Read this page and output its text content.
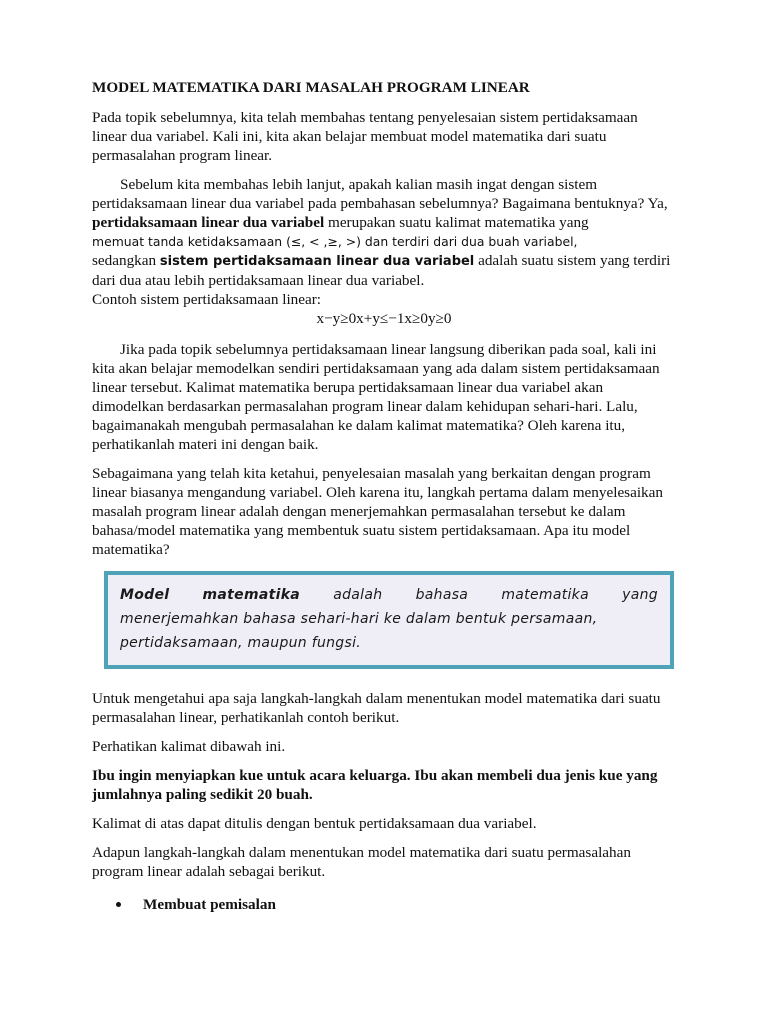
MODEL MATEMATIKA DARI MASALAH PROGRAM LINEAR

Pada topik sebelumnya, kita telah membahas tentang penyelesaian sistem pertidaksamaan linear dua variabel. Kali ini, kita akan belajar membuat model matematika dari suatu permasalahan program linear.

Sebelum kita membahas lebih lanjut, apakah kalian masih ingat dengan sistem pertidaksamaan linear dua variabel pada pembahasan sebelumnya? Bagaimana bentuknya? Ya, pertidaksamaan linear dua variabel merupakan suatu kalimat matematika yang
memuat tanda ketidaksamaan (≤, < ,≥, >) dan terdiri dari dua buah variabel,
sedangkan sistem pertidaksamaan linear dua variabel adalah suatu sistem yang terdiri dari dua atau lebih pertidaksamaan linear dua variabel.

Contoh sistem pertidaksamaan linear:

x−y≥0x+y≤−1x≥0y≥0

Jika pada topik sebelumnya pertidaksamaan linear langsung diberikan pada soal, kali ini kita akan belajar memodelkan sendiri pertidaksamaan yang ada dalam sistem pertidaksamaan linear tersebut. Kalimat matematika berupa pertidaksamaan linear dua variabel akan dimodelkan berdasarkan permasalahan program linear dalam kehidupan sehari-hari. Lalu, bagaimanakah mengubah permasalahan ke dalam kalimat matematika? Oleh karena itu, perhatikanlah materi ini dengan baik.

Sebagaimana yang telah kita ketahui, penyelesaian masalah yang berkaitan dengan program linear biasanya mengandung variabel. Oleh karena itu, langkah pertama dalam menyelesaikan masalah program linear adalah dengan menerjemahkan permasalahan tersebut ke dalam bahasa/model matematika yang membentuk suatu sistem pertidaksamaan. Apa itu model matematika?

Model matematika adalah bahasa matematika yang
menerjemahkan bahasa sehari-hari ke dalam bentuk persamaan,
pertidaksamaan, maupun fungsi.

Untuk mengetahui apa saja langkah-langkah dalam menentukan model matematika dari suatu permasalahan linear, perhatikanlah contoh berikut.

Perhatikan kalimat dibawah ini.

Ibu ingin menyiapkan kue untuk acara keluarga. Ibu akan membeli dua jenis kue yang jumlahnya paling sedikit 20 buah.

Kalimat di atas dapat ditulis dengan bentuk pertidaksamaan dua variabel.

Adapun langkah-langkah dalam menentukan model matematika dari suatu permasalahan program linear adalah sebagai berikut.

Membuat pemisalan
